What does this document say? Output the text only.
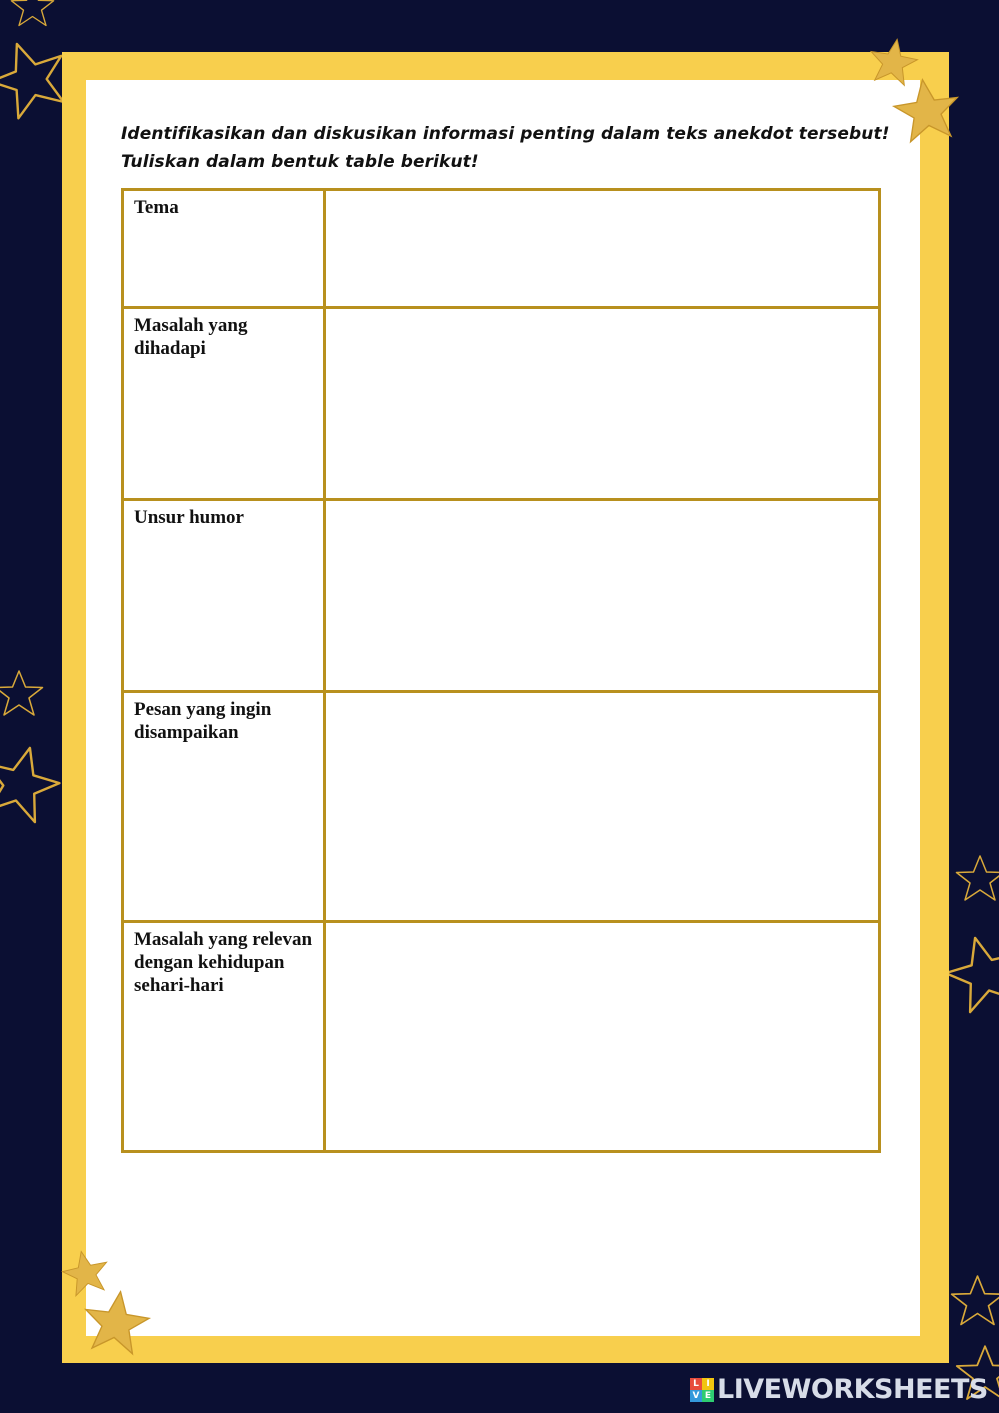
Identifikasikan dan diskusikan informasi penting dalam teks anekdot tersebut!
Tuliskan dalam bentuk table berikut!
Tema	
Masalah yang dihadapi	
Unsur humor	
Pesan yang ingin disampaikan	
Masalah yang relevan dengan kehidupan sehari-hari	
L I
V E LIVEWORKSHEETS
